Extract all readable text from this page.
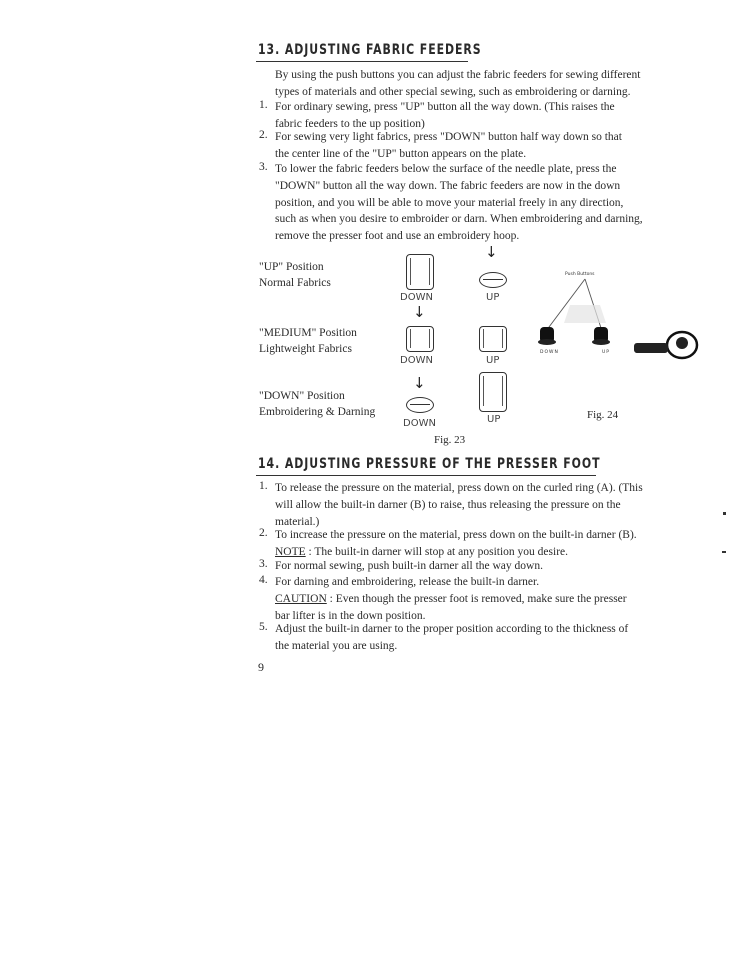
13. ADJUSTING FABRIC FEEDERS
By using the push buttons you can adjust the fabric feeders for sewing different
types of materials and other special sewing, such as embroidering or darning.
1. For ordinary sewing, press "UP" button all the way down. (This raises the
fabric feeders to the up position)
2. For sewing very light fabrics, press "DOWN" button half way down so that
the center line of the "UP" button appears on the plate.
3. To lower the fabric feeders below the surface of the needle plate, press the
"DOWN" button all the way down. The fabric feeders are now in the down
position, and you will be able to move your material freely in any direction,
such as when you desire to embroider or darn. When embroidering and darning,
remove the presser foot and use an embroidery hoop.
"UP" Position
Normal Fabrics
DOWN
↓
UP
↓
"MEDIUM" Position
Lightweight Fabrics
DOWN	UP
"DOWN" Position
Embroidering & Darning
↓
DOWN	UP
Fig. 23
Push Buttons
DOWN	UP
Fig. 24
14. ADJUSTING PRESSURE OF THE PRESSER FOOT
1. To release the pressure on the material, press down on the curled ring (A). (This
will allow the built-in darner (B) to raise, thus releasing the pressure on the
material.)
2. To increase the pressure on the material, press down on the built-in darner (B).
NOTE : The built-in darner will stop at any position you desire.
3. For normal sewing, push built-in darner all the way down.
4. For darning and embroidering, release the built-in darner.
CAUTION : Even though the presser foot is removed, make sure the presser
bar lifter is in the down position.
5. Adjust the built-in darner to the proper position according to the thickness of
the material you are using.
9
